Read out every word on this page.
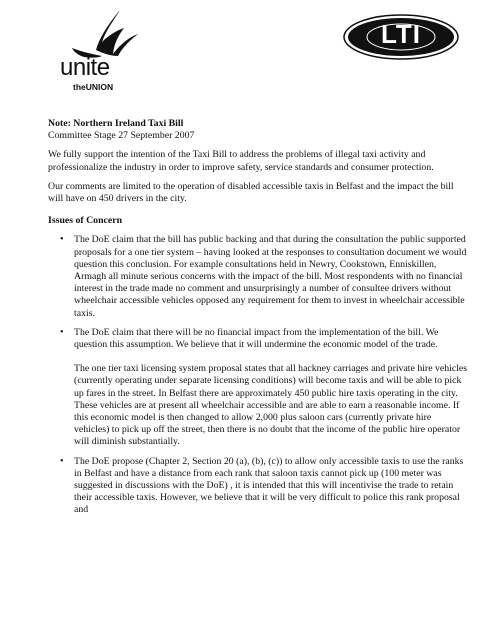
unite
theUNION
LTI

Note: Northern Ireland Taxi Bill

Committee Stage 27 September 2007

We fully support the intention of the Taxi Bill to address the problems of illegal taxi activity and professionalize the industry in order to improve safety, service standards and consumer protection.

Our comments are limited to the operation of disabled accessible taxis in Belfast and the impact the bill will have on 450 drivers in the city.

Issues of Concern

• The DoE claim that the bill has public backing and that during the consultation the public supported proposals for a one tier system – having looked at the responses to consultation document we would question this conclusion. For example consultations held in Newry, Cookstown, Enniskillen, Armagh all minute serious concerns with the impact of the bill. Most respondents with no financial interest in the trade made no comment and unsurprisingly a number of consultee drivers without wheelchair accessible vehicles opposed any requirement for them to invest in wheelchair accessible taxis.
• The DoE claim that there will be no financial impact from the implementation of the bill. We question this assumption. We believe that it will undermine the economic model of the trade.

The one tier taxi licensing system proposal states that all hackney carriages and private hire vehicles (currently operating under separate licensing conditions) will become taxis and will be able to pick up fares in the street. In Belfast there are approximately 450 public hire taxis operating in the city. These vehicles are at present all wheelchair accessible and are able to earn a reasonable income. If this economic model is then changed to allow 2,000 plus saloon cars (currently private hire vehicles) to pick up off the street, then there is no doubt that the income of the public hire operator will diminish substantially.

• The DoE propose (Chapter 2, Section 20 (a), (b), (c)) to allow only accessible taxis to use the ranks in Belfast and have a distance from each rank that saloon taxis cannot pick up (100 meter was suggested in discussions with the DoE) , it is intended that this will incentivise the trade to retain their accessible taxis. However, we believe that it will be very difficult to police this rank proposal and
